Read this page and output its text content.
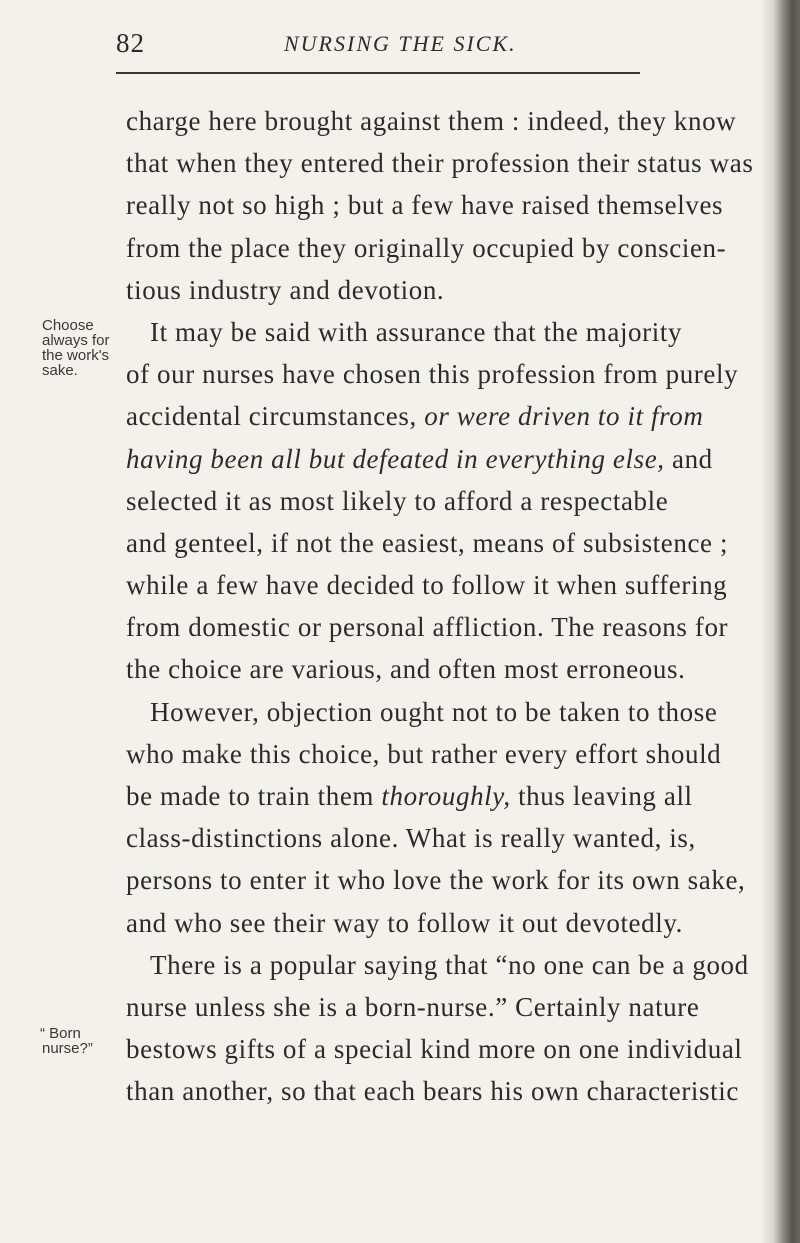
82	NURSING THE SICK.
Choose
always for
the work's
sake.
“ Born
nurse?”
charge here brought against them : indeed, they know
that when they entered their profession their status was
really not so high ; but a few have raised themselves
from the place they originally occupied by conscien-
tious industry and devotion.
It may be said with assurance that the majority
of our nurses have chosen this profession from purely
accidental circumstances, or were driven to it from
having been all but defeated in everything else, and
selected it as most likely to afford a respectable
and genteel, if not the easiest, means of subsistence ;
while a few have decided to follow it when suffering
from domestic or personal affliction. The reasons for
the choice are various, and often most erroneous.
However, objection ought not to be taken to those
who make this choice, but rather every effort should
be made to train them thoroughly, thus leaving all
class-distinctions alone. What is really wanted, is,
persons to enter it who love the work for its own sake,
and who see their way to follow it out devotedly.
There is a popular saying that “no one can be a good
nurse unless she is a born-nurse.” Certainly nature
bestows gifts of a special kind more on one individual
than another, so that each bears his own characteristic
